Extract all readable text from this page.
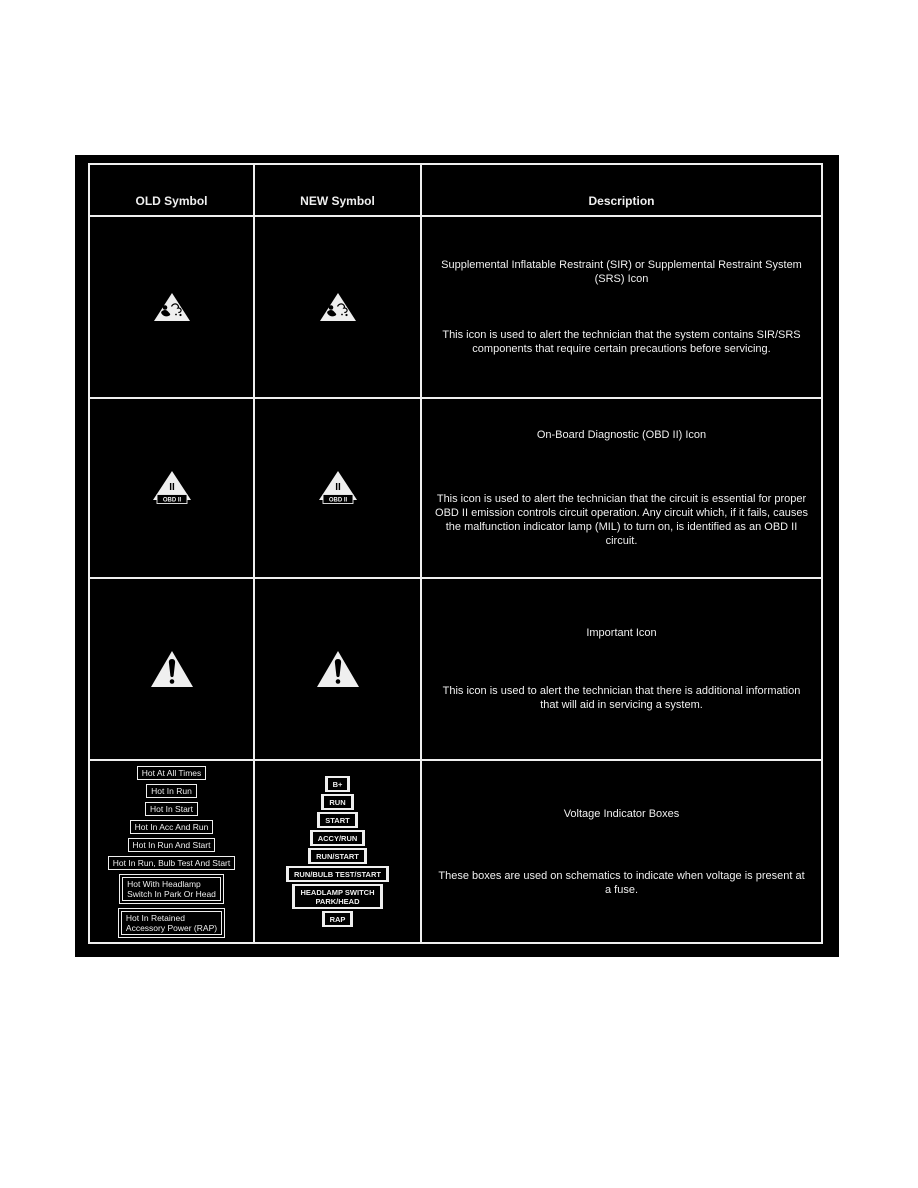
OLD Symbol	NEW Symbol	Description
Supplemental Inflatable Restraint (SIR) or Supplemental Restraint System (SRS) Icon
This icon is used to alert the technician that the system contains SIR/SRS components that require certain precautions before servicing.
II
OBD II
II
OBD II
On-Board Diagnostic (OBD II) Icon
This icon is used to alert the technician that the circuit is essential for proper OBD II emission controls circuit operation. Any circuit which, if it fails, causes the malfunction indicator lamp (MIL) to turn on, is identified as an OBD II circuit.
Important Icon
This icon is used to alert the technician that there is additional information that will aid in servicing a system.
Hot At All Times
Hot In Run
Hot In Start
Hot In Acc And Run
Hot In Run And Start
Hot In Run, Bulb Test And Start
Hot With Headlamp
Switch In Park Or Head
Hot In Retained
Accessory Power (RAP)
B+
RUN
START
ACCY/RUN
RUN/START
RUN/BULB TEST/START
HEADLAMP SWITCH
PARK/HEAD
RAP
Voltage Indicator Boxes
These boxes are used on schematics to indicate when voltage is present at a fuse.
